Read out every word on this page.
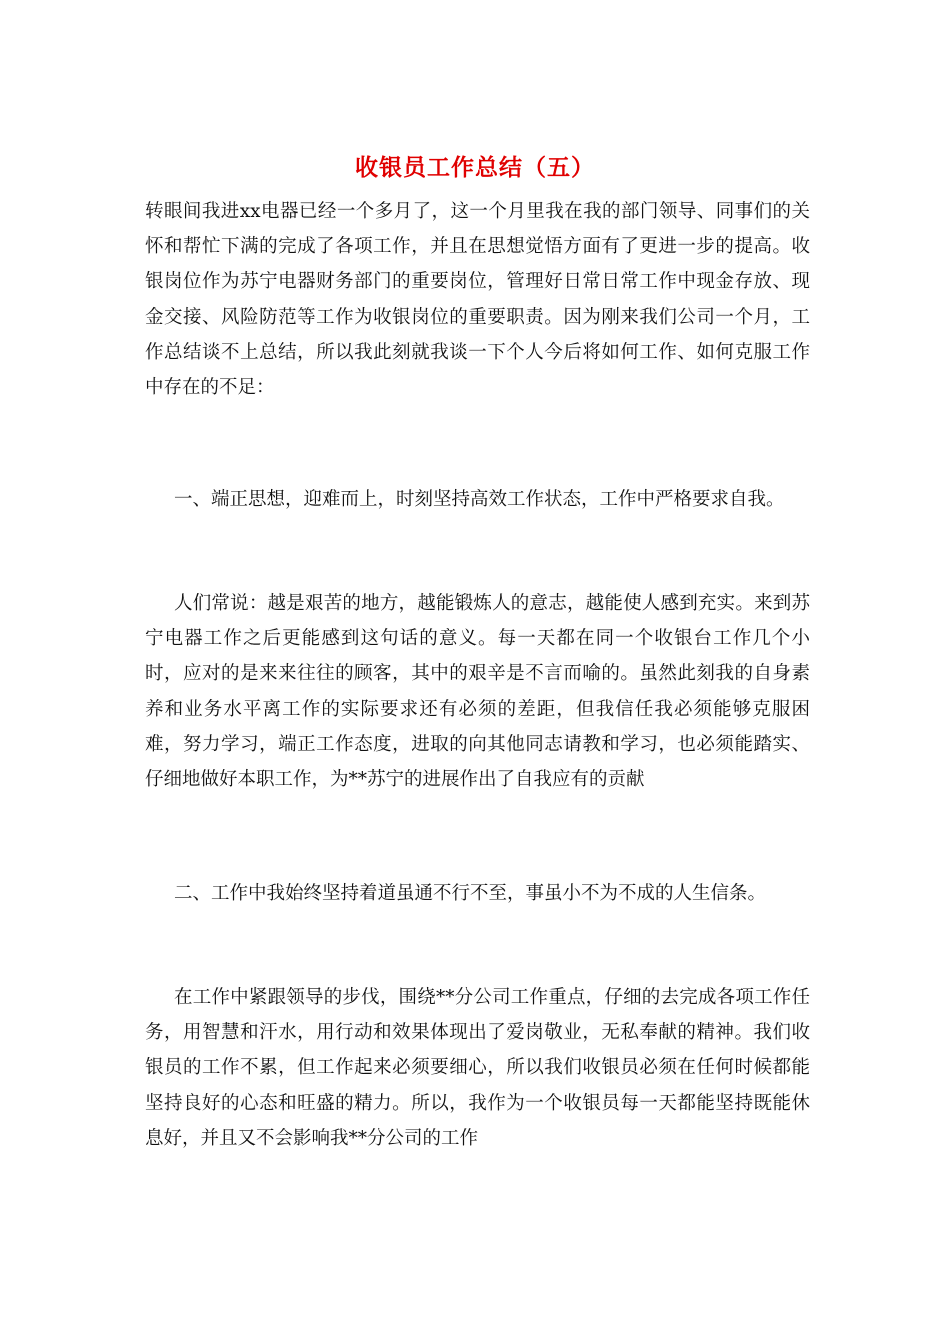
收银员工作总结（五）

转眼间我进xx电器已经一个多月了，这一个月里我在我的部门领导、同事们的关怀和帮忙下满的完成了各项工作，并且在思想觉悟方面有了更进一步的提高。收银岗位作为苏宁电器财务部门的重要岗位，管理好日常日常工作中现金存放、现金交接、风险防范等工作为收银岗位的重要职责。因为刚来我们公司一个月，工作总结谈不上总结，所以我此刻就我谈一下个人今后将如何工作、如何克服工作中存在的不足：

一、端正思想，迎难而上，时刻坚持高效工作状态，工作中严格要求自我。

人们常说：越是艰苦的地方，越能锻炼人的意志，越能使人感到充实。来到苏宁电器工作之后更能感到这句话的意义。每一天都在同一个收银台工作几个小时，应对的是来来往往的顾客，其中的艰辛是不言而喻的。虽然此刻我的自身素养和业务水平离工作的实际要求还有必须的差距，但我信任我必须能够克服困难，努力学习，端正工作态度，进取的向其他同志请教和学习，也必须能踏实、仔细地做好本职工作，为**苏宁的进展作出了自我应有的贡献

二、工作中我始终坚持着道虽通不行不至，事虽小不为不成的人生信条。

在工作中紧跟领导的步伐，围绕**分公司工作重点，仔细的去完成各项工作任务，用智慧和汗水，用行动和效果体现出了爱岗敬业，无私奉献的精神。我们收银员的工作不累，但工作起来必须要细心，所以我们收银员必须在任何时候都能坚持良好的心态和旺盛的精力。所以，我作为一个收银员每一天都能坚持既能休息好，并且又不会影响我**分公司的工作
